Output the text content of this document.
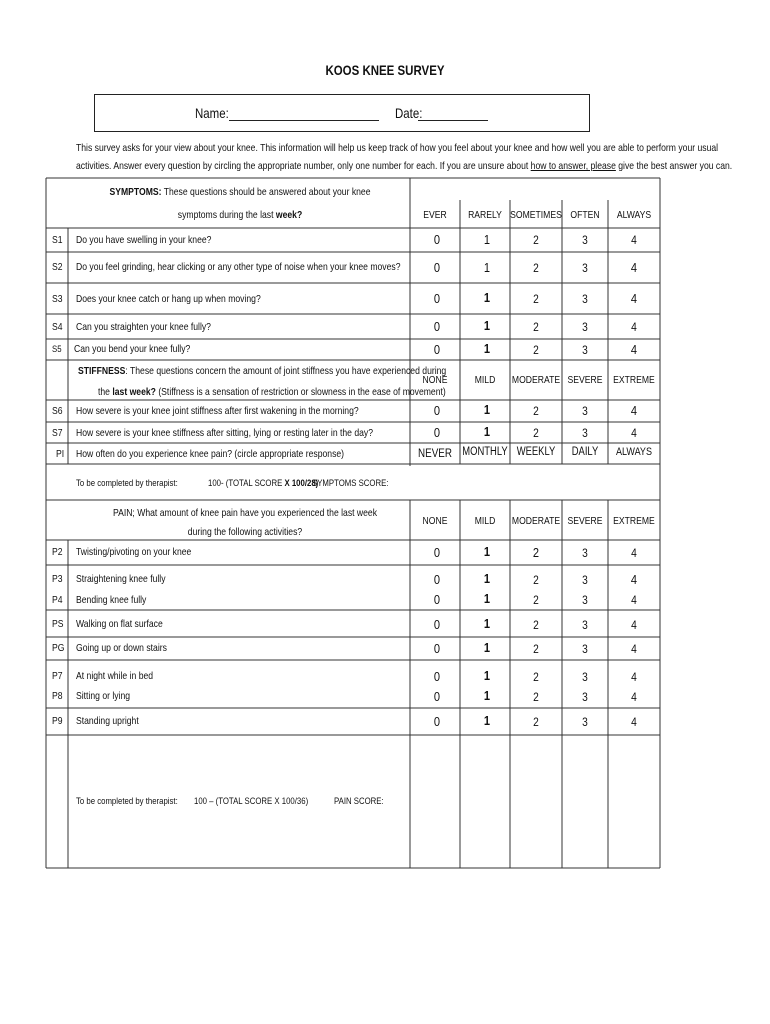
KOOS KNEE SURVEY
Name:	Date:
This survey asks for your view about your knee. This information will help us keep track of how you feel about your knee and how well you are able to perform your usual
activities. Answer every question by circling the appropriate number, only one number for each. If you are unsure about how to answer, please give the best answer you can.
SYMPTOMS: These questions should be answered about your knee
symptoms during the last week?	EVER	RARELY SOMETIMES OFTEN	ALWAYS
S1 Do you have swelling in your knee?	0	1	2	3	4
S2 Do you feel grinding, hear clicking or any other type of noise when your knee moves?	0	1	2	3	4
S3 Does your knee catch or hang up when moving?	0	1	2	3	4
S4 Can you straighten your knee fully?	0	1	2	3	4
S5 Can you bend your knee fully?	0	1	2	3	4
STIFFNESS: These questions concern the amount of joint stiffness you have experienced during
the last week? (Stiffness is a sensation of restriction or slowness in the ease of movement)
NONE	MILD	MODERATE SEVERE	EXTREME
S6 How severe is your knee joint stiffness after first wakening in the morning?	0	1	2	3	4
S7 How severe is your knee stiffness after sitting, lying or resting later in the day?	0	1	2	3	4
PI How often do you experience knee pain? (circle appropriate response)	NEVER MONTHLY WEEKLY	DAILY	ALWAYS
To be completed by therapist:	100- (TOTAL SCORE X 100/28)
SYMPTOMS SCORE:
PAIN; What amount of knee pain have you experienced the last week
during the following activities?
NONE	MILD	MODERATE SEVERE	EXTREME
P2 Twisting/pivoting on your knee	0	1	2	3	4
P3 Straightening knee fully	0	1	2	3	4
P4 Bending knee fully	0	1	2	3	4
PS Walking on flat surface	0	1	2	3	4
PG Going up or down stairs	0	1	2	3	4
P7 At night while in bed	0	1	2	3	4
P8 Sitting or lying	0	1	2	3	4
P9 Standing upright	0	1	2	3	4
To be completed by therapist: 100 – (TOTAL SCORE X 100/36)	PAIN SCORE:
